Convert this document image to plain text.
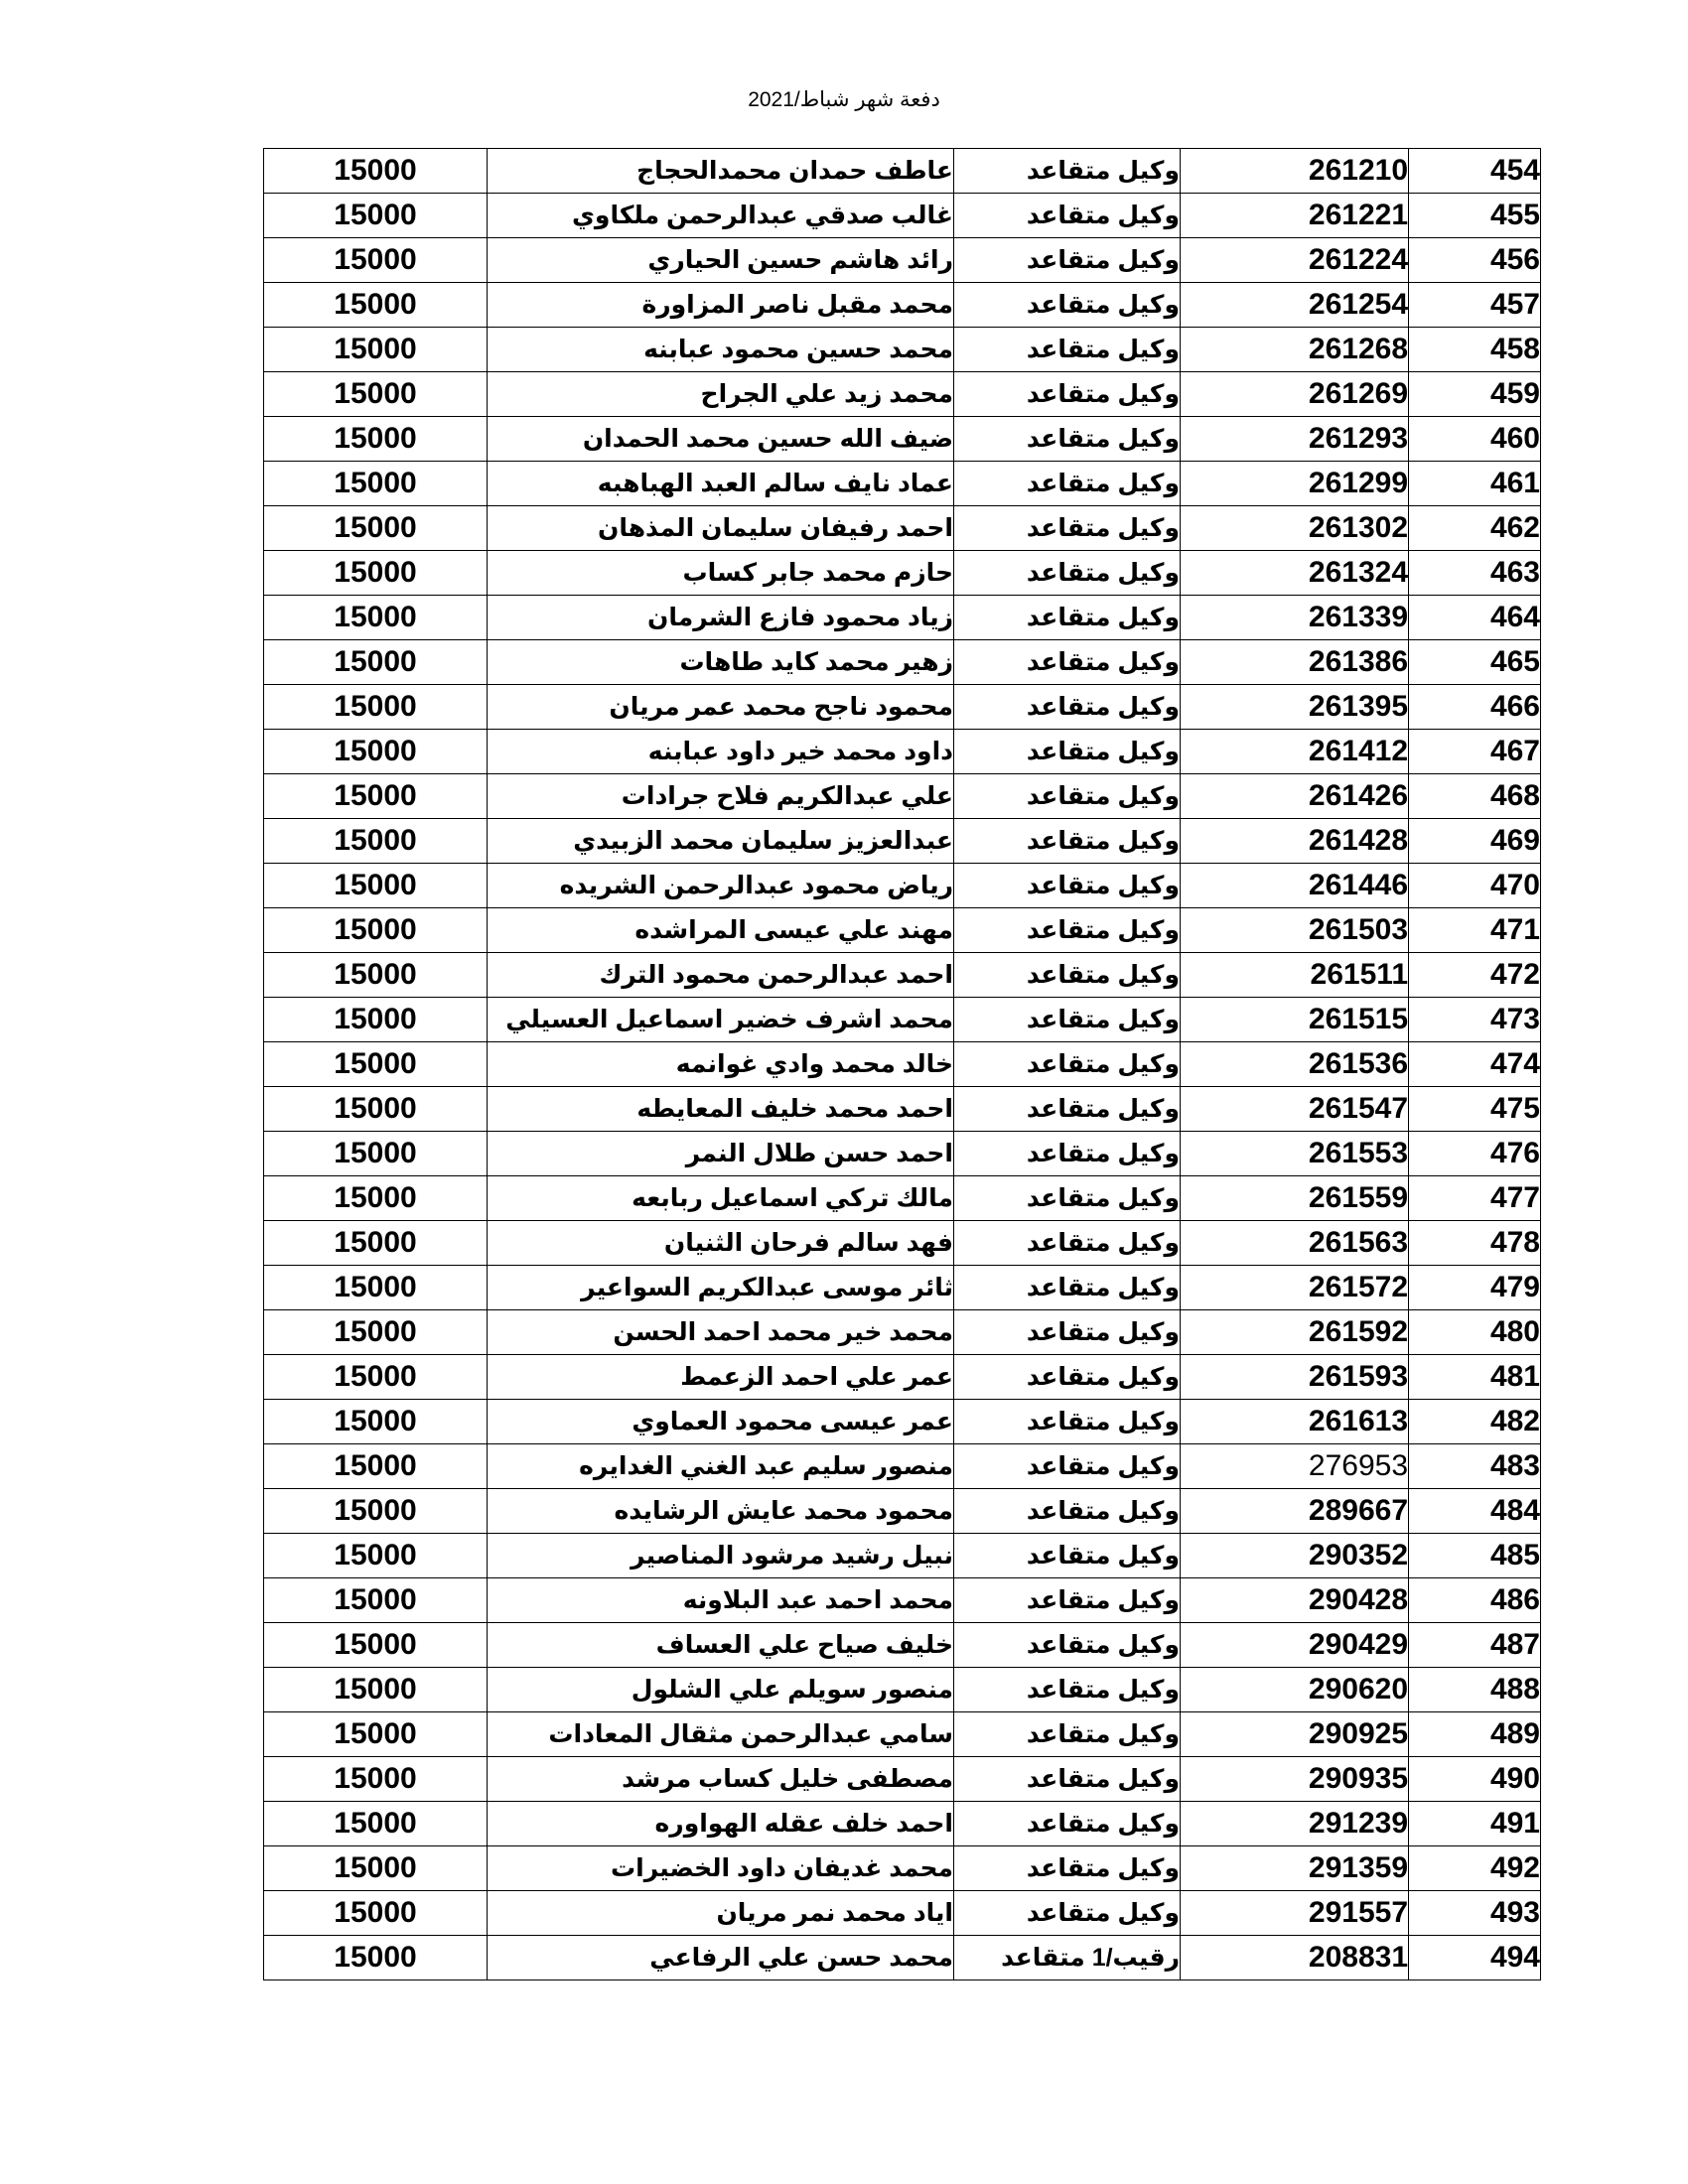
دفعة شهر شباط/2021
15000	عاطف حمدان محمدالحجاج	وكيل متقاعد	261210	454
15000	غالب صدقي عبدالرحمن ملكاوي	وكيل متقاعد	261221	455
15000	رائد هاشم حسين الحياري	وكيل متقاعد	261224	456
15000	محمد مقبل ناصر المزاورة	وكيل متقاعد	261254	457
15000	محمد حسين محمود عبابنه	وكيل متقاعد	261268	458
15000	محمد زيد علي الجراح	وكيل متقاعد	261269	459
15000	ضيف الله حسين محمد الحمدان	وكيل متقاعد	261293	460
15000	عماد نايف سالم العبد الهباهبه	وكيل متقاعد	261299	461
15000	احمد رفيفان سليمان المذهان	وكيل متقاعد	261302	462
15000	حازم محمد جابر كساب	وكيل متقاعد	261324	463
15000	زياد محمود فازع الشرمان	وكيل متقاعد	261339	464
15000	زهير محمد كايد طاهات	وكيل متقاعد	261386	465
15000	محمود ناجح محمد عمر مريان	وكيل متقاعد	261395	466
15000	داود محمد خير داود عبابنه	وكيل متقاعد	261412	467
15000	علي عبدالكريم فلاح جرادات	وكيل متقاعد	261426	468
15000	عبدالعزيز سليمان محمد الزبيدي	وكيل متقاعد	261428	469
15000	رياض محمود عبدالرحمن الشريده	وكيل متقاعد	261446	470
15000	مهند علي عيسى المراشده	وكيل متقاعد	261503	471
15000	احمد عبدالرحمن محمود الترك	وكيل متقاعد	261511	472
15000	محمد اشرف خضير اسماعيل العسيلي	وكيل متقاعد	261515	473
15000	خالد محمد وادي غوانمه	وكيل متقاعد	261536	474
15000	احمد محمد خليف المعايطه	وكيل متقاعد	261547	475
15000	احمد حسن طلال النمر	وكيل متقاعد	261553	476
15000	مالك تركي اسماعيل ربابعه	وكيل متقاعد	261559	477
15000	فهد سالم فرحان الثنيان	وكيل متقاعد	261563	478
15000	ثائر موسى عبدالكريم السواعير	وكيل متقاعد	261572	479
15000	محمد خير محمد احمد الحسن	وكيل متقاعد	261592	480
15000	عمر علي احمد الزعمط	وكيل متقاعد	261593	481
15000	عمر عيسى محمود العماوي	وكيل متقاعد	261613	482
15000	منصور سليم عبد الغني الغدايره	وكيل متقاعد	276953	483
15000	محمود محمد عايش الرشايده	وكيل متقاعد	289667	484
15000	نبيل رشيد مرشود المناصير	وكيل متقاعد	290352	485
15000	محمد احمد عبد البلاونه	وكيل متقاعد	290428	486
15000	خليف صياح علي العساف	وكيل متقاعد	290429	487
15000	منصور سويلم علي الشلول	وكيل متقاعد	290620	488
15000	سامي عبدالرحمن مثقال المعادات	وكيل متقاعد	290925	489
15000	مصطفى خليل كساب مرشد	وكيل متقاعد	290935	490
15000	احمد خلف عقله الهواوره	وكيل متقاعد	291239	491
15000	محمد غديفان داود الخضيرات	وكيل متقاعد	291359	492
15000	اياد محمد نمر مريان	وكيل متقاعد	291557	493
15000	محمد حسن علي الرفاعي	رقيب/1 متقاعد	208831	494
